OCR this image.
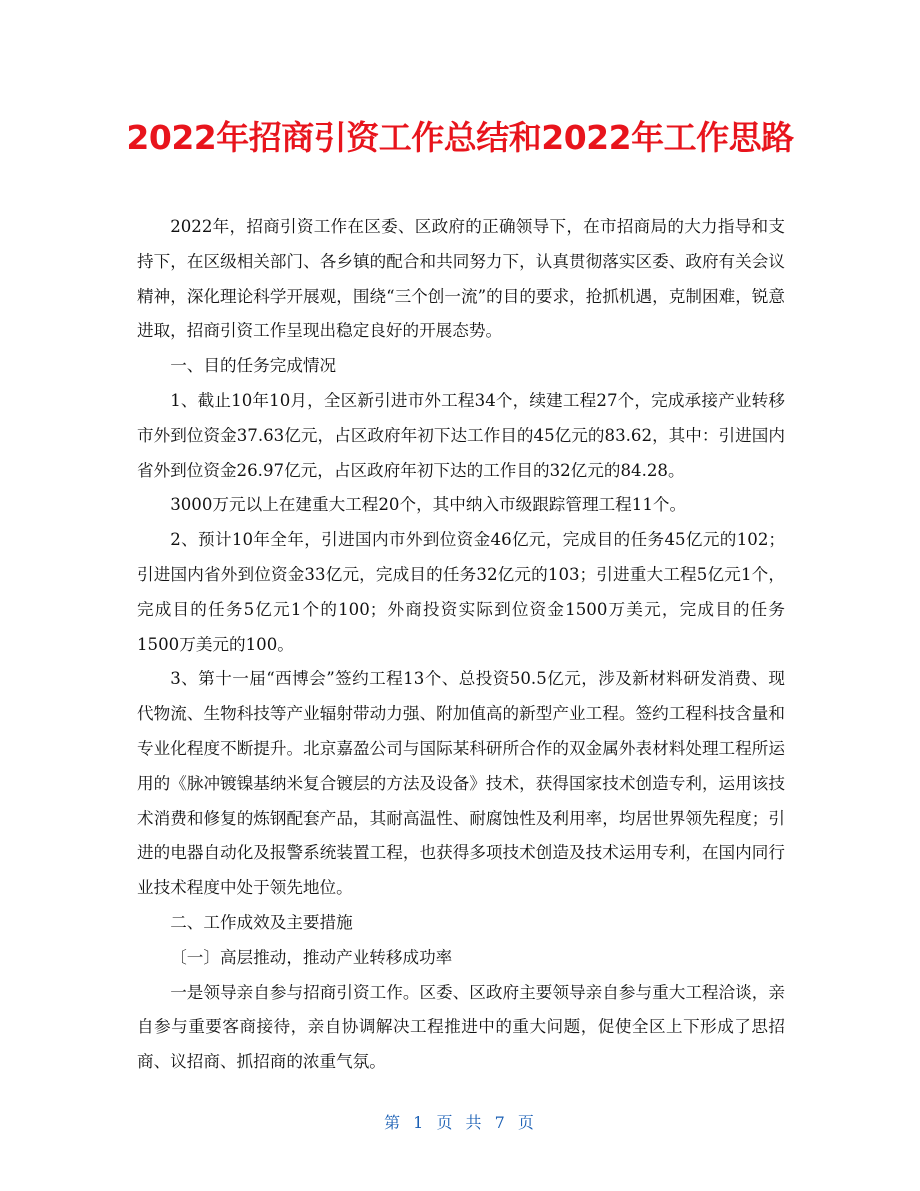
2022年招商引资工作总结和2022年工作思路

2022年，招商引资工作在区委、区政府的正确领导下，在市招商局的大力指导和支持下，在区级相关部门、各乡镇的配合和共同努力下，认真贯彻落实区委、政府有关会议精神，深化理论科学开展观，围绕“三个创一流”的目的要求，抢抓机遇，克制困难，锐意进取，招商引资工作呈现出稳定良好的开展态势。

一、目的任务完成情况

1、截止10年10月，全区新引进市外工程34个，续建工程27个，完成承接产业转移市外到位资金37.63亿元，占区政府年初下达工作目的45亿元的83.62，其中：引进国内省外到位资金26.97亿元，占区政府年初下达的工作目的32亿元的84.28。

3000万元以上在建重大工程20个，其中纳入市级跟踪管理工程11个。

2、预计10年全年，引进国内市外到位资金46亿元，完成目的任务45亿元的102；引进国内省外到位资金33亿元，完成目的任务32亿元的103；引进重大工程5亿元1个，完成目的任务5亿元1个的100；外商投资实际到位资金1500万美元，完成目的任务1500万美元的100。

3、第十一届“西博会”签约工程13个、总投资50.5亿元，涉及新材料研发消费、现代物流、生物科技等产业辐射带动力强、附加值高的新型产业工程。签约工程科技含量和专业化程度不断提升。北京嘉盈公司与国际某科研所合作的双金属外表材料处理工程所运用的《脉冲镀镍基纳米复合镀层的方法及设备》技术，获得国家技术创造专利，运用该技术消费和修复的炼钢配套产品，其耐高温性、耐腐蚀性及利用率，均居世界领先程度；引进的电器自动化及报警系统装置工程，也获得多项技术创造及技术运用专利，在国内同行业技术程度中处于领先地位。

二、工作成效及主要措施

〔一〕高层推动，推动产业转移成功率

一是领导亲自参与招商引资工作。区委、区政府主要领导亲自参与重大工程洽谈，亲自参与重要客商接待，亲自协调解决工程推进中的重大问题，促使全区上下形成了思招商、议招商、抓招商的浓重气氛。

第 1 页 共 7 页
